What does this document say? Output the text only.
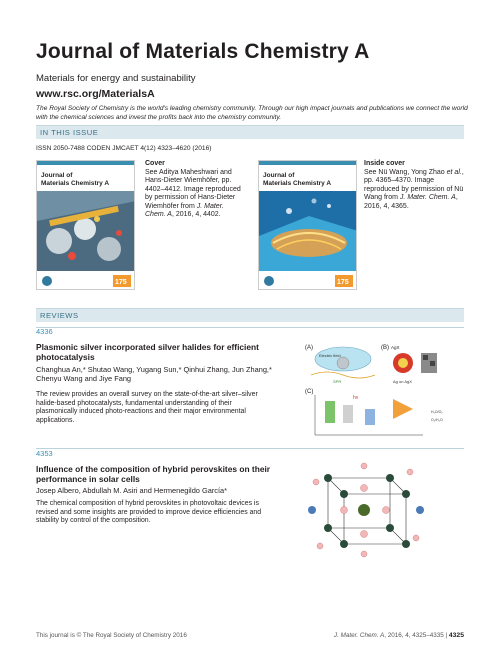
Journal of Materials Chemistry A
Materials for energy and sustainability
www.rsc.org/MaterialsA
The Royal Society of Chemistry is the world's leading chemistry community. Through our high impact journals and publications we connect the world with the chemical sciences and invest the profits back into the chemistry community.
IN THIS ISSUE
ISSN 2050-7488 CODEN JMCAET 4(12) 4323–4620 (2016)
Journal of
Materials Chemistry A
175
Cover
See Aditya Maheshwari and Hans-Dieter Wiemhöfer, pp. 4402–4412. Image reproduced by permission of Hans-Dieter Wiemhöfer from J. Mater. Chem. A, 2016, 4, 4402.
Journal of
Materials Chemistry A
175
Inside cover
See Nü Wang, Yong Zhao et al., pp. 4365–4370. Image reproduced by permission of Nü Wang from J. Mater. Chem. A, 2016, 4, 4365.
REVIEWS
4336
Plasmonic silver incorporated silver halides for efficient photocatalysis
Changhua An,* Shutao Wang, Yugang Sun,* Qinhui Zhang, Jun Zhang,* Chenyu Wang and Jiye Fang
The review provides an overall survey on the state-of-the-art silver–silver halide-based photocatalysts, fundamental understanding of their plasmonically induced photo-reactions and their major environmental applications.
(A)
Electric field
SPR
(B) AgX
Ag on AgX
(C)
hν
H₂O/O₂
O₂/H₂O
4353
Influence of the composition of hybrid perovskites on their performance in solar cells
Josep Albero, Abdullah M. Asiri and Hermenegildo García*
The chemical composition of hybrid perovskites in photovoltaic devices is revised and some insights are provided to improve device efficiencies and stability by control of the composition.
This journal is © The Royal Society of Chemistry 2016	J. Mater. Chem. A, 2016, 4, 4325–4335 | 4325
